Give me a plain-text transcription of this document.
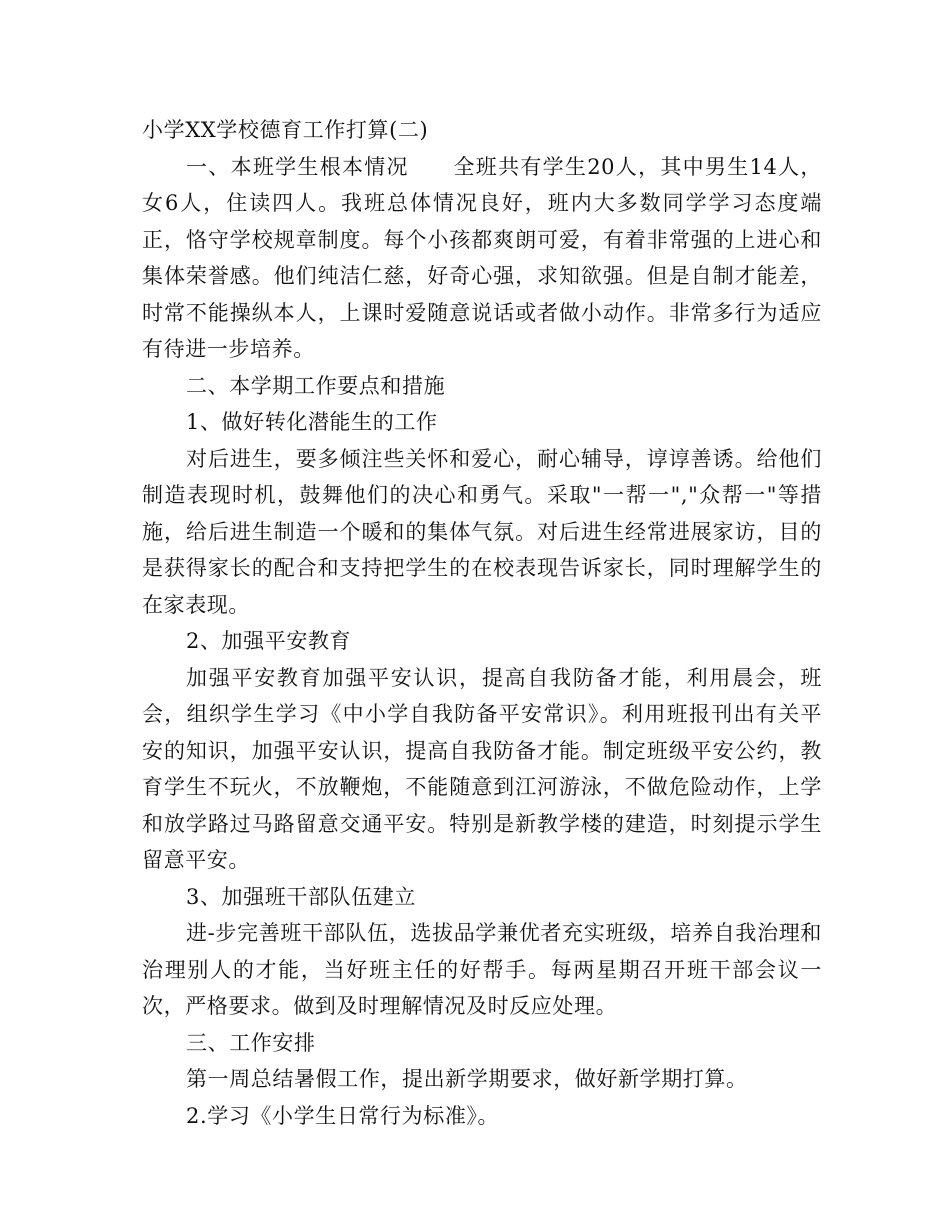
小学XX学校德育工作打算(二)

一、本班学生根本情况 全班共有学生20人，其中男生14人，女6人，住读四人。我班总体情况良好，班内大多数同学学习态度端正，恪守学校规章制度。每个小孩都爽朗可爱，有着非常强的上进心和集体荣誉感。他们纯洁仁慈，好奇心强，求知欲强。但是自制才能差，时常不能操纵本人，上课时爱随意说话或者做小动作。非常多行为适应有待进一步培养。

二、本学期工作要点和措施

1、做好转化潜能生的工作

对后进生，要多倾注些关怀和爱心，耐心辅导，谆谆善诱。给他们制造表现时机，鼓舞他们的决心和勇气。采取"一帮一","众帮一"等措施，给后进生制造一个暖和的集体气氛。对后进生经常进展家访，目的是获得家长的配合和支持把学生的在校表现告诉家长，同时理解学生的在家表现。

2、加强平安教育

加强平安教育加强平安认识，提高自我防备才能，利用晨会，班会，组织学生学习《中小学自我防备平安常识》。利用班报刊出有关平安的知识，加强平安认识，提高自我防备才能。制定班级平安公约，教育学生不玩火，不放鞭炮，不能随意到江河游泳，不做危险动作，上学和放学路过马路留意交通平安。特别是新教学楼的建造，时刻提示学生留意平安。

3、加强班干部队伍建立

进-步完善班干部队伍，选拔品学兼优者充实班级，培养自我治理和治理别人的才能，当好班主任的好帮手。每两星期召开班干部会议一次，严格要求。做到及时理解情况及时反应处理。

三、工作安排

第一周总结暑假工作，提出新学期要求，做好新学期打算。

2.学习《小学生日常行为标准》。
